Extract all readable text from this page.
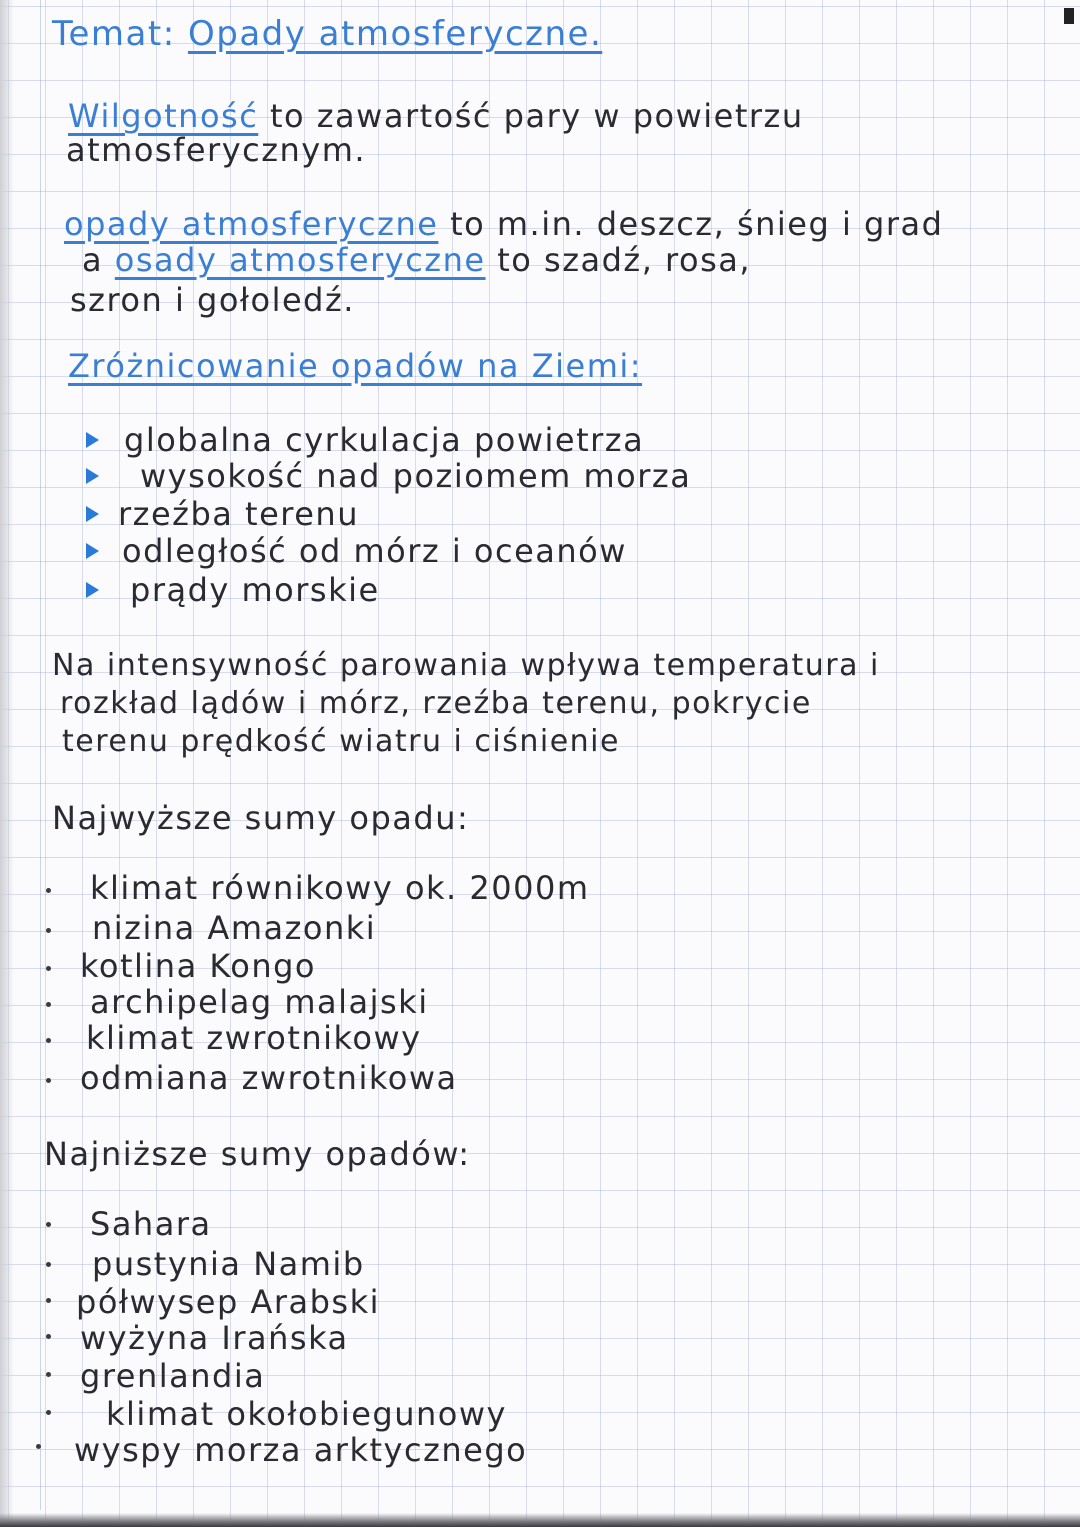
Temat: Opady atmosferyczne.
Wilgotność to zawartość pary w powietrzu
atmosferycznym.
opady atmosferyczne to m.in. deszcz, śnieg i grad
a osady atmosferyczne to szadź, rosa,
szron i gołoledź.
Zróżnicowanie opadów na Ziemi:
globalna cyrkulacja powietrza
wysokość nad poziomem morza
rzeźba terenu
odległość od mórz i oceanów
prądy morskie
Na intensywność parowania wpływa temperatura i
rozkład lądów i mórz, rzeźba terenu, pokrycie
terenu prędkość wiatru i ciśnienie
Najwyższe sumy opadu:
klimat równikowy ok. 2000m
nizina Amazonki
kotlina Kongo
archipelag malajski
klimat zwrotnikowy
odmiana zwrotnikowa
Najniższe sumy opadów:
Sahara
pustynia Namib
półwysep Arabski
wyżyna Irańska
grenlandia
klimat okołobiegunowy
wyspy morza arktycznego
